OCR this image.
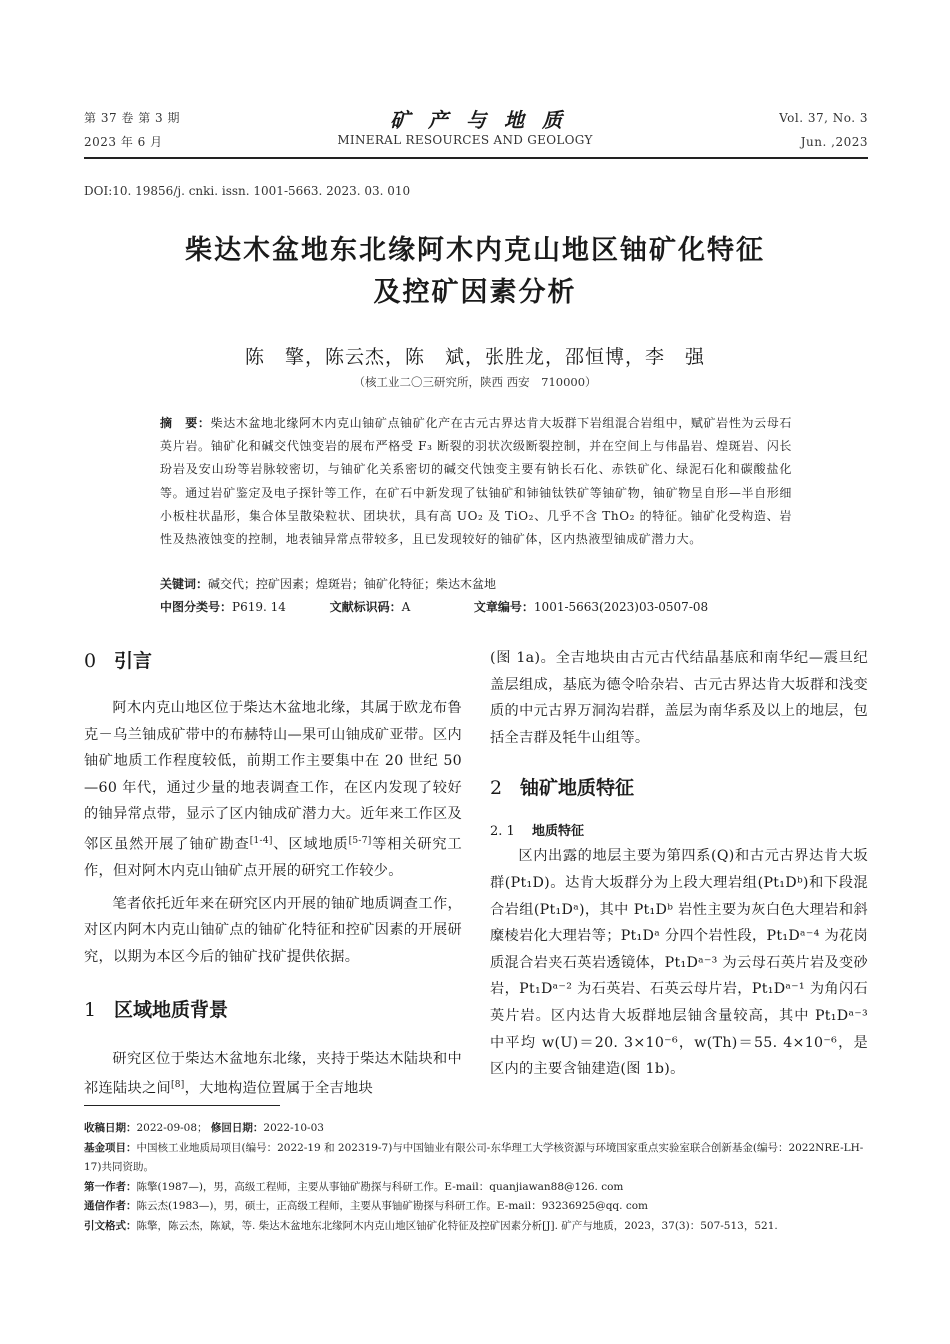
第 37 卷 第 3 期
2023 年 6 月
矿产与地质
MINERAL RESOURCES AND GEOLOGY
Vol. 37, No. 3
Jun. ,2023
DOI:10. 19856/j. cnki. issn. 1001-5663. 2023. 03. 010
柴达木盆地东北缘阿木内克山地区铀矿化特征
及控矿因素分析
陈　擎，陈云杰，陈　斌，张胜龙，邵恒博，李　强
（核工业二〇三研究所，陕西 西安　710000）
摘　要：柴达木盆地北缘阿木内克山铀矿点铀矿化产在古元古界达肯大坂群下岩组混合岩组中，赋矿岩性为云母石英片岩。铀矿化和碱交代蚀变岩的展布严格受 F₃ 断裂的羽状次级断裂控制，并在空间上与伟晶岩、煌斑岩、闪长玢岩及安山玢等岩脉较密切，与铀矿化关系密切的碱交代蚀变主要有钠长石化、赤铁矿化、绿泥石化和碳酸盐化等。通过岩矿鉴定及电子探针等工作，在矿石中新发现了钛铀矿和铈铀钛铁矿等铀矿物，铀矿物呈自形—半自形细小板柱状晶形，集合体呈散染粒状、团块状，具有高 UO₂ 及 TiO₂、几乎不含 ThO₂ 的特征。铀矿化受构造、岩性及热液蚀变的控制，地表铀异常点带较多，且已发现较好的铀矿体，区内热液型铀成矿潜力大。
关键词：碱交代；控矿因素；煌斑岩；铀矿化特征；柴达木盆地
中图分类号：P619. 14	文献标识码：A	文章编号：1001-5663(2023)03-0507-08
0 引言

阿木内克山地区位于柴达木盆地北缘，其属于欧龙布鲁克－乌兰铀成矿带中的布赫特山—果可山铀成矿亚带。区内铀矿地质工作程度较低，前期工作主要集中在 20 世纪 50—60 年代，通过少量的地表调查工作，在区内发现了较好的铀异常点带，显示了区内铀成矿潜力大。近年来工作区及邻区虽然开展了铀矿勘查[1-4]、区域地质[5-7]等相关研究工作，但对阿木内克山铀矿点开展的研究工作较少。

笔者依托近年来在研究区内开展的铀矿地质调查工作，对区内阿木内克山铀矿点的铀矿化特征和控矿因素的开展研究，以期为本区今后的铀矿找矿提供依据。

1 区域地质背景

研究区位于柴达木盆地东北缘，夹持于柴达木陆块和中祁连陆块之间[8]，大地构造位置属于全吉地块

(图 1a)。全吉地块由古元古代结晶基底和南华纪—震旦纪盖层组成，基底为德令哈杂岩、古元古界达肯大坂群和浅变质的中元古界万洞沟岩群，盖层为南华系及以上的地层，包括全吉群及牦牛山组等。

2 铀矿地质特征
2. 1 地质特征

区内出露的地层主要为第四系(Q)和古元古界达肯大坂群(Pt₁D)。达肯大坂群分为上段大理岩组(Pt₁Dᵇ)和下段混合岩组(Pt₁Dᵃ)，其中 Pt₁Dᵇ 岩性主要为灰白色大理岩和斜糜棱岩化大理岩等；Pt₁Dᵃ 分四个岩性段，Pt₁Dᵃ⁻⁴ 为花岗质混合岩夹石英岩透镜体，Pt₁Dᵃ⁻³ 为云母石英片岩及变砂岩，Pt₁Dᵃ⁻² 为石英岩、石英云母片岩，Pt₁Dᵃ⁻¹ 为角闪石英片岩。区内达肯大坂群地层铀含量较高，其中 Pt₁Dᵃ⁻³ 中平均 w(U)＝20. 3×10⁻⁶，w(Th)＝55. 4×10⁻⁶，是区内的主要含铀建造(图 1b)。

收稿日期：2022-09-08； 修回日期：2022-10-03
基金项目：中国核工业地质局项目(编号：2022-19 和 202319-7)与中国铀业有限公司-东华理工大学核资源与环境国家重点实验室联合创新基金(编号：2022NRE-LH-17)共同资助。
第一作者：陈擎(1987—)，男，高级工程师，主要从事铀矿勘探与科研工作。E-mail：quanjiawan88@126. com
通信作者：陈云杰(1983—)，男，硕士，正高级工程师，主要从事铀矿勘探与科研工作。E-mail：93236925@qq. com
引文格式：陈擎，陈云杰，陈斌，等. 柴达木盆地东北缘阿木内克山地区铀矿化特征及控矿因素分析[J]. 矿产与地质，2023，37(3)：507-513，521.
